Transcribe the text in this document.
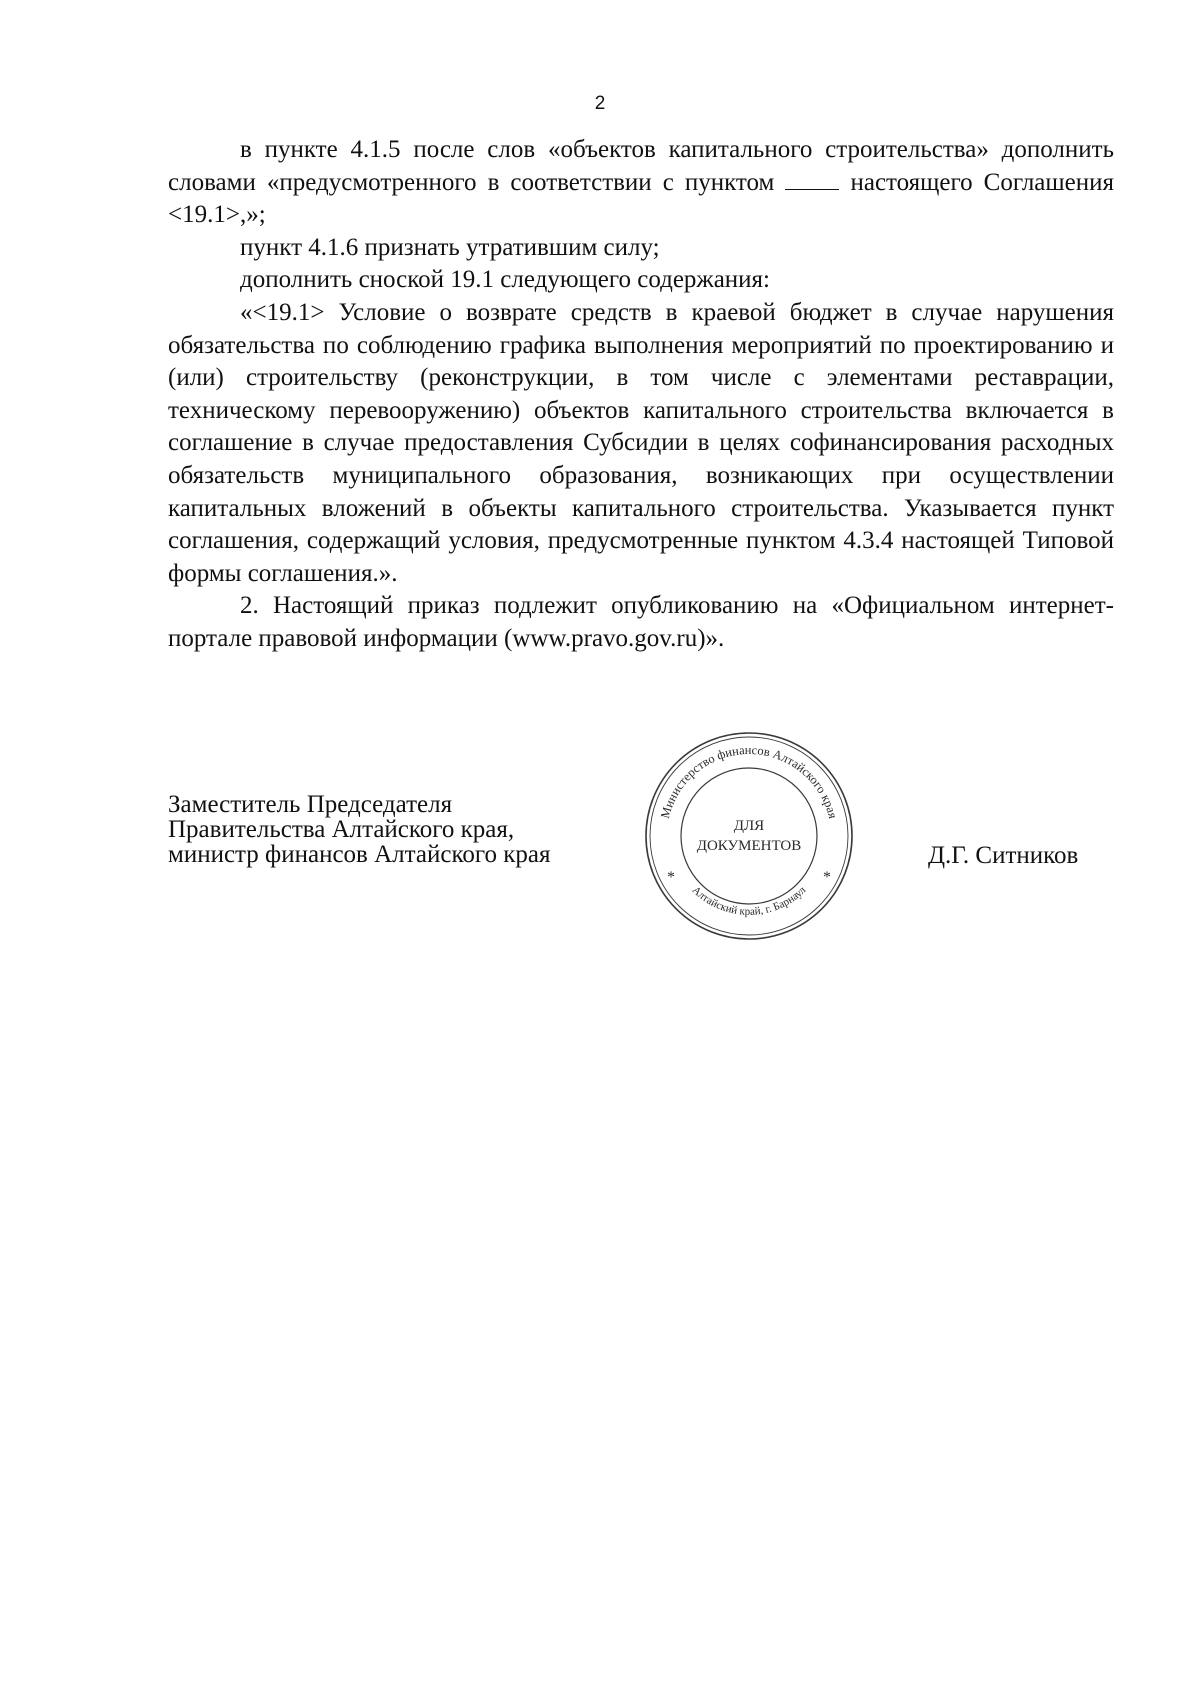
2

в пункте 4.1.5 после слов «объектов капитального строительства» дополнить словами «предусмотренного в соответствии с пунктом	настоящего Соглашения <19.1>,»;

пункт 4.1.6 признать утратившим силу;

дополнить сноской 19.1 следующего содержания:

«<19.1> Условие о возврате средств в краевой бюджет в случае нарушения обязательства по соблюдению графика выполнения мероприятий по проектированию и (или) строительству (реконструкции, в том числе с элементами реставрации, техническому перевооружению) объектов капитального строительства включается в соглашение в случае предоставления Субсидии в целях софинансирования расходных обязательств муниципального образования, возникающих при осуществлении капитальных вложений в объекты капитального строительства. Указывается пункт соглашения, содержащий условия, предусмотренные пунктом 4.3.4 настоящей Типовой формы соглашения.».

2. Настоящий приказ подлежит опубликованию на «Официальном интернет-портале правовой информации (www.pravo.gov.ru)».

Заместитель Председателя
Правительства Алтайского края,
министр финансов Алтайского края
Министерство финансов Алтайского края
Алтайский край, г. Барнаул
ДЛЯ
ДОКУМЕНТОВ
*	*
Д.Г. Ситников
